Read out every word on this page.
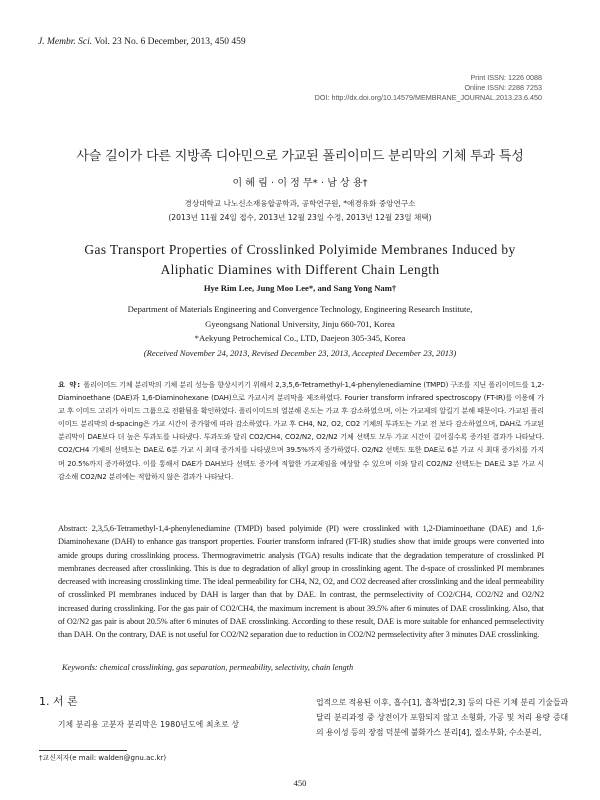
J. Membr. Sci. Vol. 23 No. 6 December, 2013, 450 459
Print ISSN: 1226 0088
Online ISSN: 2288 7253
DOI: http://dx.doi.org/10.14579/MEMBRANE_JOURNAL.2013.23.6.450
사슬 길이가 다른 지방족 디아민으로 가교된 폴리이미드 분리막의 기체 투과 특성
이 혜 림 · 이 정 무* · 남 상 용†
경상대학교 나노신소재융합공학과, 공학연구원, *애경유화 중앙연구소
(2013년 11월 24일 접수, 2013년 12월 23일 수정, 2013년 12월 23일 채택)
Gas Transport Properties of Crosslinked Polyimide Membranes Induced by Aliphatic Diamines with Different Chain Length
Hye Rim Lee, Jung Moo Lee*, and Sang Yong Nam†
Department of Materials Engineering and Convergence Technology, Engineering Research Institute,
Gyeongsang National University, Jinju 660-701, Korea
*Aekyung Petrochemical Co., LTD, Daejeon 305-345, Korea
(Received November 24, 2013, Revised December 23, 2013, Accepted December 23, 2013)
요 약: 폴리이미드 기체 분리막의 기체 분리 성능을 향상시키기 위해서 2,3,5,6-Tetramethyl-1,4-phenylenediamine (TMPD) 구조를 지닌 폴리이미드를 1,2-Diaminoethane (DAE)과 1,6-Diaminohexane (DAH)으로 가교시켜 분리막을 제조하였다. Fourier transform infrared spectroscopy (FT-IR)를 이용해 가교 후 이미드 고리가 아미드 그룹으로 전환됨을 확인하였다. 폴리이미드의 열분해 온도는 가교 후 감소하였으며, 이는 가교제의 알킬기 분해 때문이다. 가교된 폴리이미드 분리막의 d-spacing은 가교 시간이 증가함에 따라 감소하였다. 가교 후 CH4, N2, O2, CO2 기체의 투과도는 가교 전 보다 감소하였으며, DAH로 가교된 분리막이 DAE보다 더 높은 투과도를 나타냈다. 투과도와 달리 CO2/CH4, CO2/N2, O2/N2 기체 선택도 모두 가교 시간이 길어질수록 증가된 결과가 나타났다. CO2/CH4 기체의 선택도는 DAE로 6분 가교 시 최대 증가치를 나타냈으며 39.5%까지 증가하였다. O2/N2 선택도 또한 DAE로 6분 가교 시 최대 증가치를 가지며 20.5%까지 증가하였다. 이를 통해서 DAE가 DAH보다 선택도 증가에 적합한 가교제임을 예상할 수 있으며 이와 달리 CO2/N2 선택도는 DAE로 3분 가교 시 감소해 CO2/N2 분리에는 적합하지 않은 결과가 나타났다.
Abstract: 2,3,5,6-Tetramethyl-1,4-phenylenediamine (TMPD) based polyimide (PI) were crosslinked with 1,2-Diaminoethane (DAE) and 1,6-Diaminohexane (DAH) to enhance gas transport properties. Fourier transform infrared (FT-IR) studies show that imide groups were converted into amide groups during crosslinking process. Thermogravimetric analysis (TGA) results indicate that the degradation temperature of crosslinked PI membranes decreased after crosslinking. This is due to degradation of alkyl group in crosslinking agent. The d-space of crosslinked PI membranes decreased with increasing crosslinking time. The ideal permeability for CH4, N2, O2, and CO2 decreased after crosslinking and the ideal permeability of crosslinked PI membranes induced by DAH is larger than that by DAE. In contrast, the permselectivity of CO2/CH4, CO2/N2 and O2/N2 increased during crosslinking. For the gas pair of CO2/CH4, the maximum increment is about 39.5% after 6 minutes of DAE crosslinking. Also, that of O2/N2 gas pair is about 20.5% after 6 minutes of DAE crosslinking. According to these result, DAE is more suitable for enhanced permselectivity than DAH. On the contrary, DAE is not useful for CO2/N2 separation due to reduction in CO2/N2 permselectivity after 3 minutes DAE crosslinking.
Keywords: chemical crosslinking, gas separation, permeability, selectivity, chain length
1. 서 론
기체 분리용 고분자 분리막은 1980년도에 최초로 상
†교신저자(e mail: walden@gnu.ac.kr)
업적으로 적용된 이후, 흡수[1], 흡착법[2,3] 등의 다른 기체 분리 기술들과 달리 분리과정 중 상전이가 포함되지 않고 소형화, 가공 및 처리 용량 증대의 용이성 등의 장점 덕분에 불화가스 분리[4], 질소부화, 수소분리,
450
